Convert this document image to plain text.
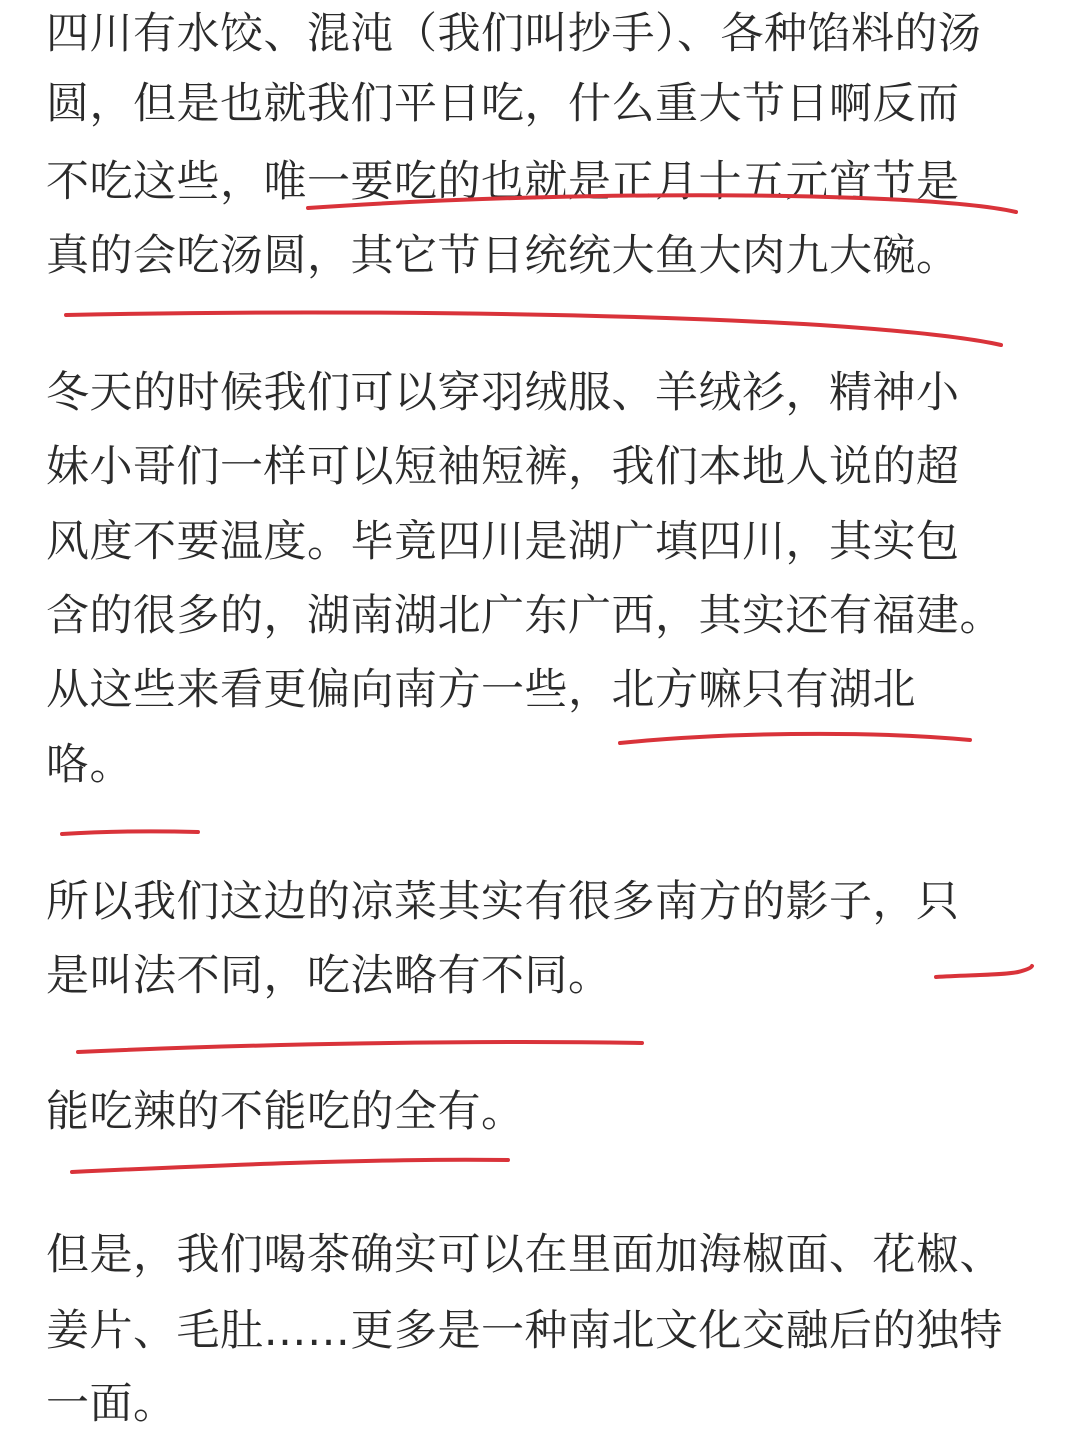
四川有水饺、混沌（我们叫抄手）、各种馅料的汤
圆，但是也就我们平日吃，什么重大节日啊反而
不吃这些，唯一要吃的也就是正月十五元宵节是
真的会吃汤圆，其它节日统统大鱼大肉九大碗。
冬天的时候我们可以穿羽绒服、羊绒衫，精神小
妹小哥们一样可以短袖短裤，我们本地人说的超
风度不要温度。毕竟四川是湖广填四川，其实包
含的很多的，湖南湖北广东广西，其实还有福建。
从这些来看更偏向南方一些，北方嘛只有湖北
咯。
所以我们这边的凉菜其实有很多南方的影子，只
是叫法不同，吃法略有不同。
能吃辣的不能吃的全有。
但是，我们喝茶确实可以在里面加海椒面、花椒、
姜片、毛肚……更多是一种南北文化交融后的独特
一面。
